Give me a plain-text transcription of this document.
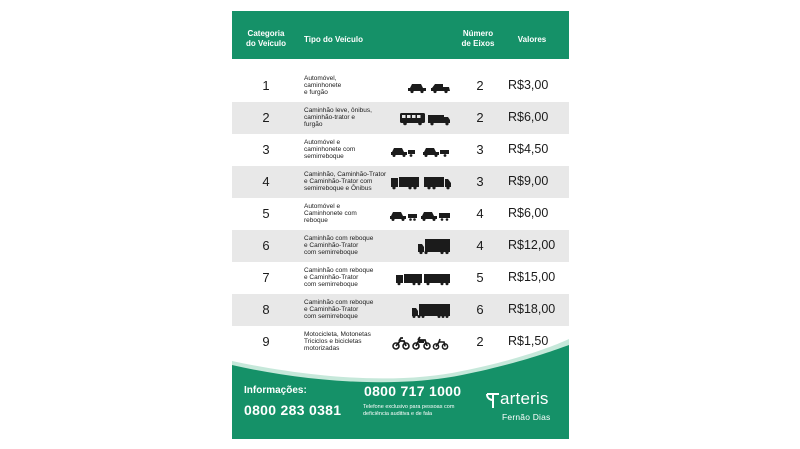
Categoria
do Veículo	Tipo do Veículo
Número
de Eixos	Valores
1	Automóvel,
caminhonete
e furgão
2 R$3,00
2	Caminhão leve, ônibus,
caminhão-trator e
furgão
2 R$6,00
3	Automóvel e
caminhonete com
semirreboque
3 R$4,50
4	Caminhão, Caminhão-Trator
e Caminhão-Trator com
semirreboque e Ônibus
3 R$9,00
5	Automóvel e
Caminhonete com
reboque
4 R$6,00
6	Caminhão com reboque
e Caminhão-Trator
com semirreboque
4 R$12,00
7	Caminhão com reboque
e Caminhão-Trator
com semirreboque
5 R$15,00
8	Caminhão com reboque
e Caminhão-Trator
com semirreboque
6 R$18,00
9	Motocicleta, Motonetas
Triciclos e bicicletas
motorizadas
2 R$1,50
Informações:
0800 283 0381
0800 717 1000
Telefone exclusivo para pessoas com
deficiência auditiva e de fala
arteris
Fernão Dias
